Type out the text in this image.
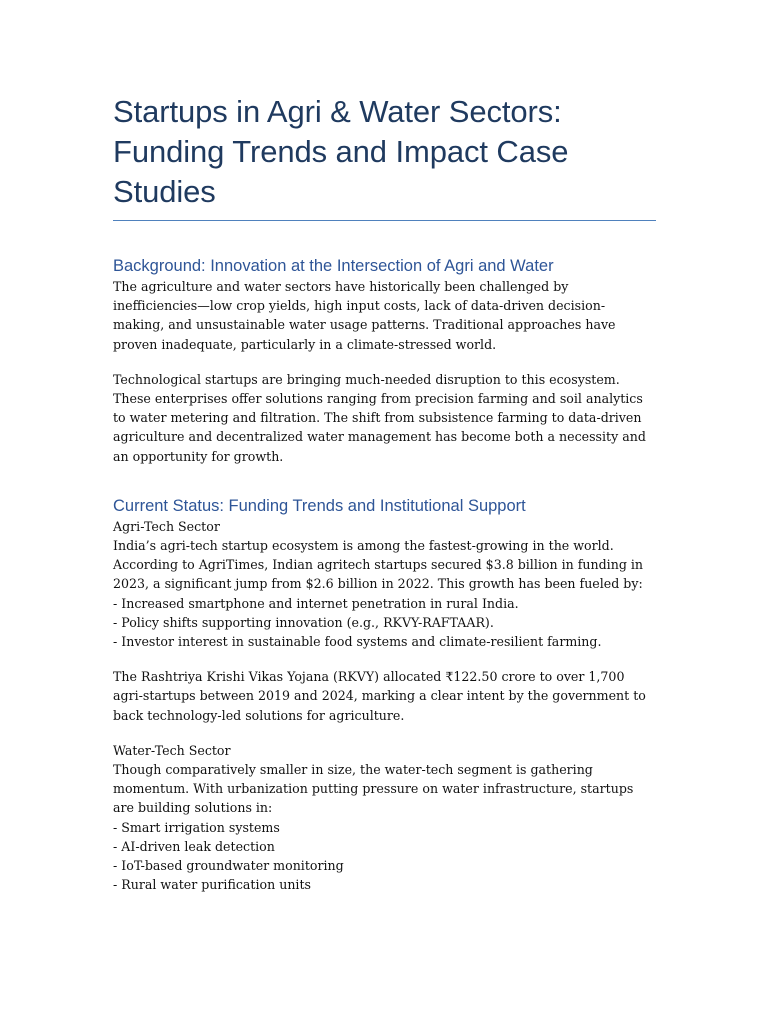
Startups in Agri & Water Sectors: Funding Trends and Impact Case Studies
Background: Innovation at the Intersection of Agri and Water

The agriculture and water sectors have historically been challenged by inefficiencies—low crop yields, high input costs, lack of data-driven decision-making, and unsustainable water usage patterns. Traditional approaches have proven inadequate, particularly in a climate-stressed world.

Technological startups are bringing much-needed disruption to this ecosystem. These enterprises offer solutions ranging from precision farming and soil analytics to water metering and filtration. The shift from subsistence farming to data-driven agriculture and decentralized water management has become both a necessity and an opportunity for growth.

Current Status: Funding Trends and Institutional Support

Agri-Tech Sector

India’s agri-tech startup ecosystem is among the fastest-growing in the world. According to AgriTimes, Indian agritech startups secured $3.8 billion in funding in 2023, a significant jump from $2.6 billion in 2022. This growth has been fueled by:

- Increased smartphone and internet penetration in rural India.
- Policy shifts supporting innovation (e.g., RKVY-RAFTAAR).
- Investor interest in sustainable food systems and climate-resilient farming.

The Rashtriya Krishi Vikas Yojana (RKVY) allocated ₹122.50 crore to over 1,700 agri-startups between 2019 and 2024, marking a clear intent by the government to back technology-led solutions for agriculture.

Water-Tech Sector

Though comparatively smaller in size, the water-tech segment is gathering momentum. With urbanization putting pressure on water infrastructure, startups are building solutions in:

- Smart irrigation systems
- AI-driven leak detection
- IoT-based groundwater monitoring
- Rural water purification units
